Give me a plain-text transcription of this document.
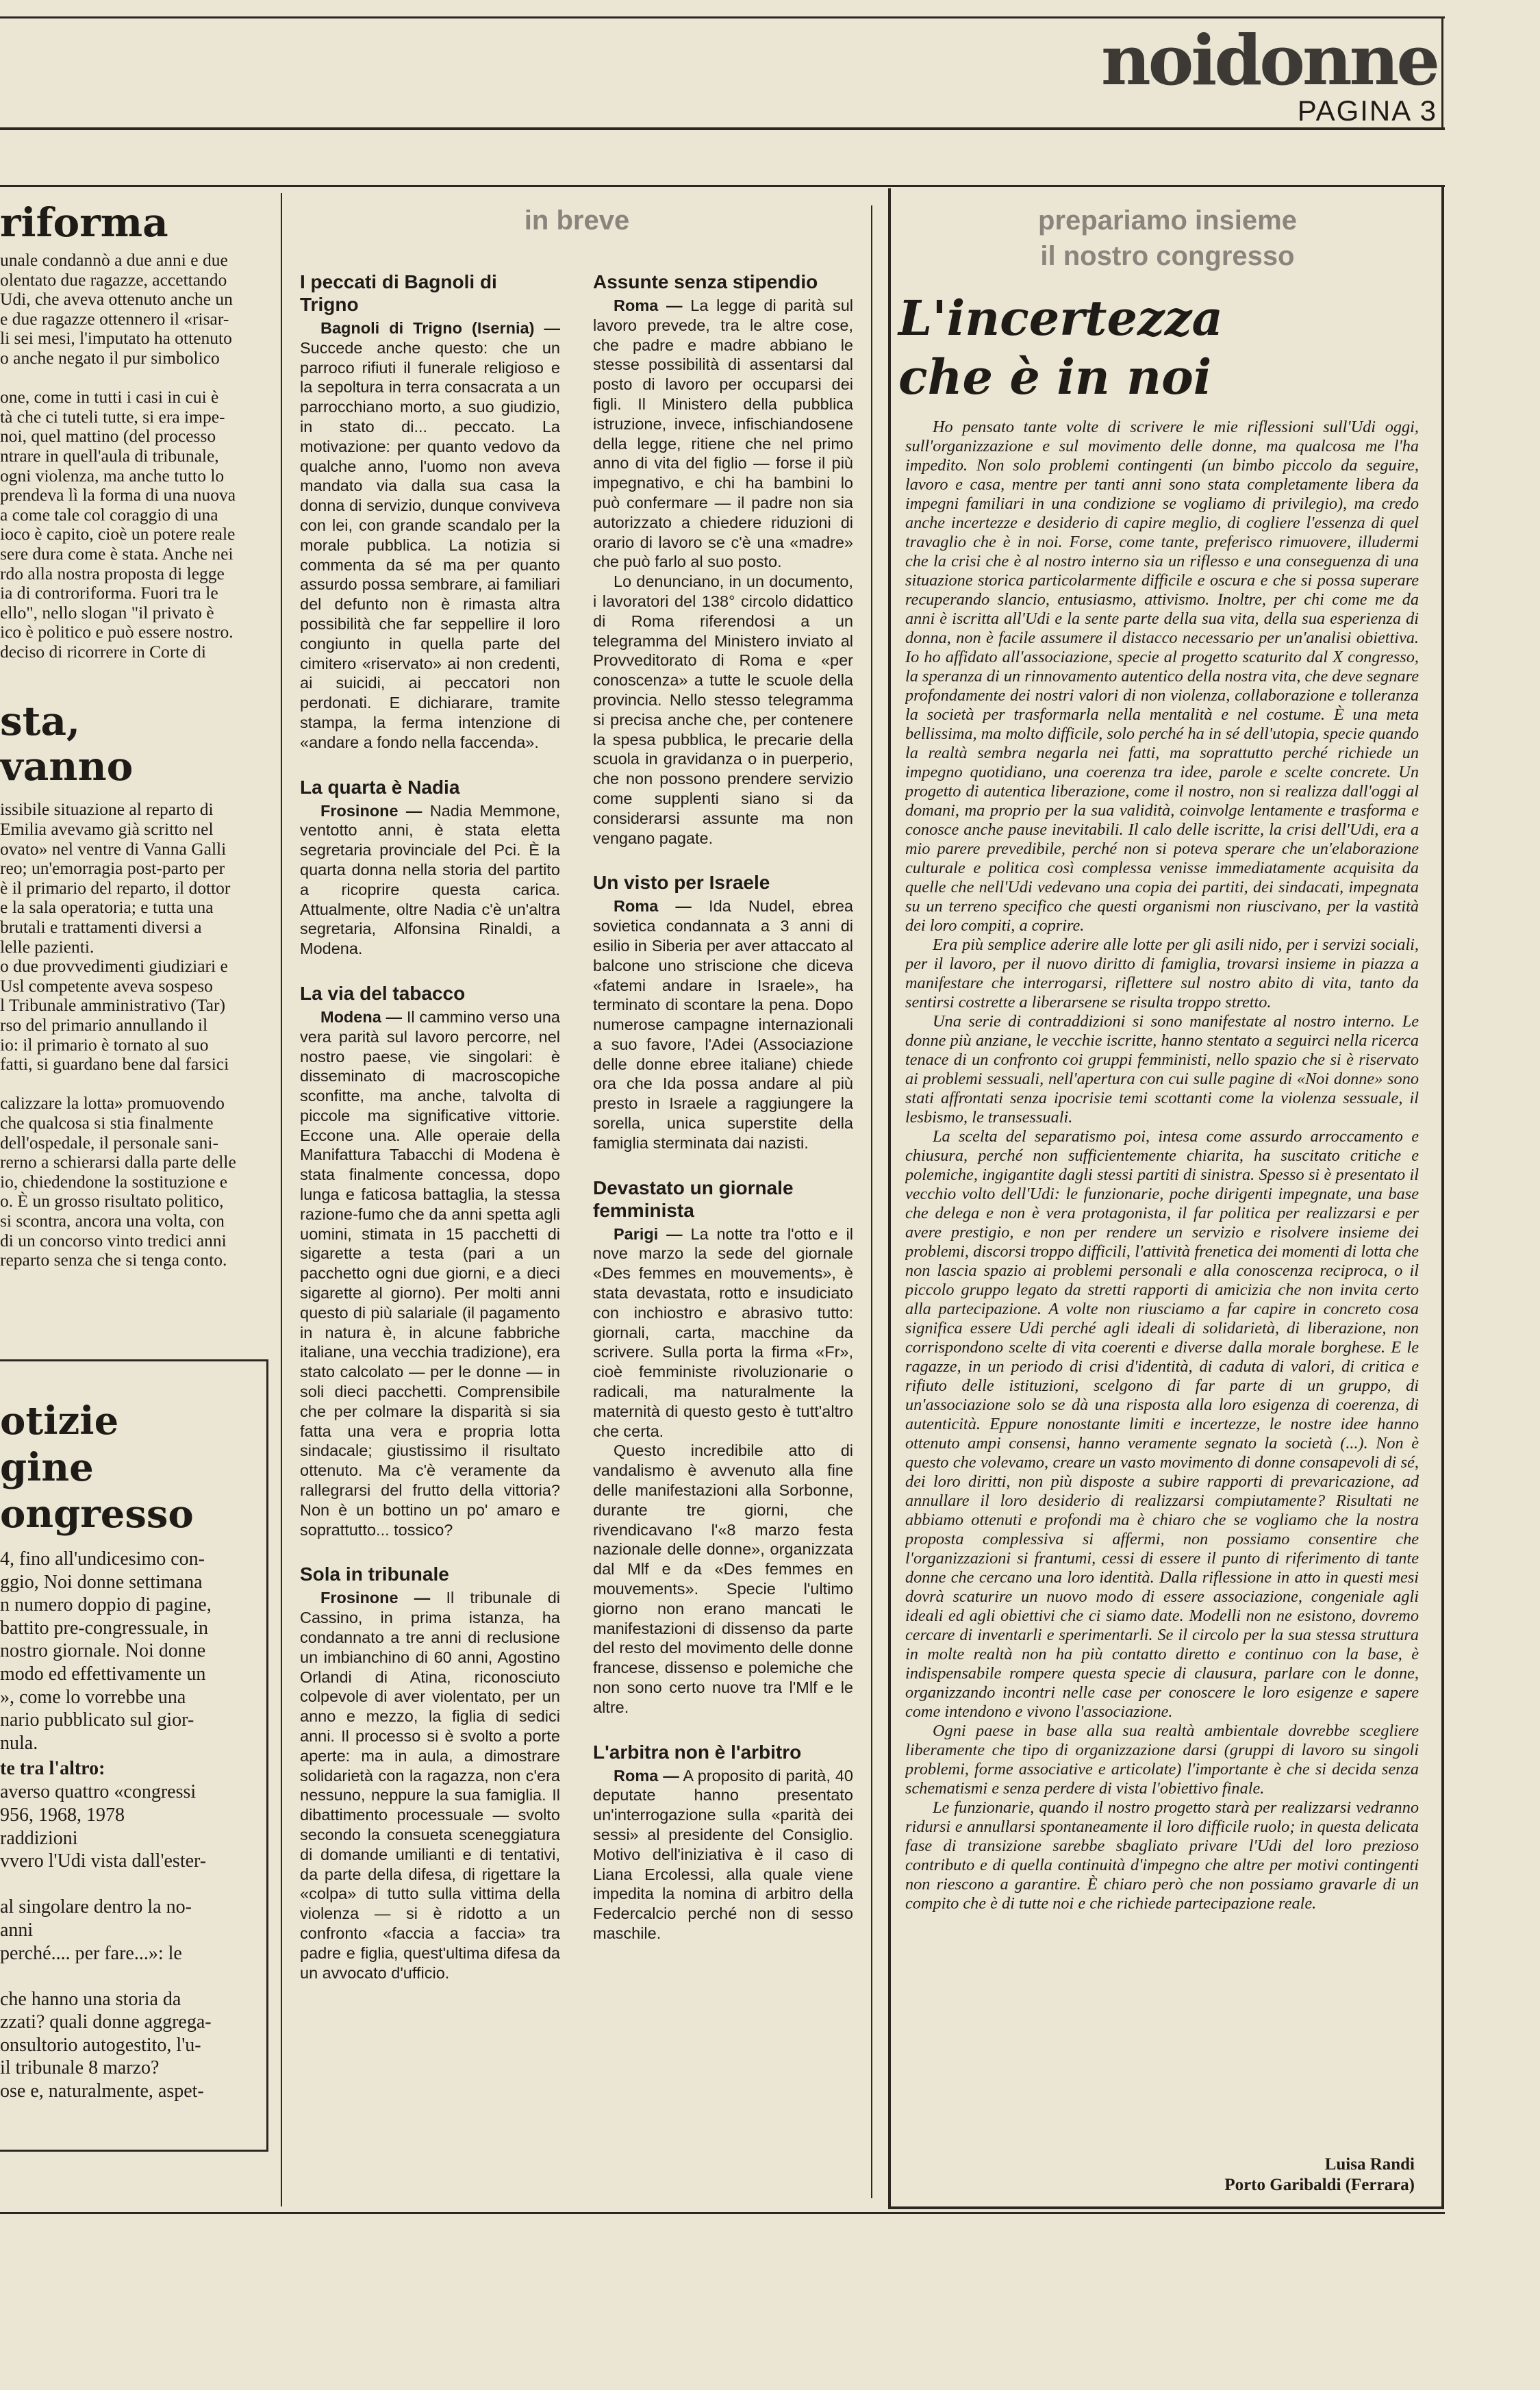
noidonne
PAGINA 3
riforma

unale condannò a due anni e due

olentato due ragazze, accettando

Udi, che aveva ottenuto anche un

e due ragazze ottennero il «risar-

li sei mesi, l'imputato ha ottenuto

o anche negato il pur simbolico

one, come in tutti i casi in cui è

tà che ci tuteli tutte, si era impe-

noi, quel mattino (del processo

ntrare in quell'aula di tribunale,

ogni violenza, ma anche tutto lo

prendeva lì la forma di una nuova

a come tale col coraggio di una

ioco è capito, cioè un potere reale

sere dura come è stata. Anche nei

rdo alla nostra proposta di legge

ia di controriforma. Fuori tra le

ello", nello slogan "il privato è

ico è politico e può essere nostro.

deciso di ricorrere in Corte di

sta,
vanno

issibile situazione al reparto di

Emilia avevamo già scritto nel

ovato» nel ventre di Vanna Galli

reo; un'emorragia post-parto per

è il primario del reparto, il dottor

e la sala operatoria; e tutta una

brutali e trattamenti diversi a

lelle pazienti.

o due provvedimenti giudiziari e

Usl competente aveva sospeso

l Tribunale amministrativo (Tar)

rso del primario annullando il

io: il primario è tornato al suo

fatti, si guardano bene dal farsici

calizzare la lotta» promuovendo

che qualcosa si stia finalmente

dell'ospedale, il personale sani-

rerno a schierarsi dalla parte delle

io, chiedendone la sostituzione e

o. È un grosso risultato politico,

si scontra, ancora una volta, con

di un concorso vinto tredici anni

reparto senza che si tenga conto.

otizie
gine
ongresso

4, fino all'undicesimo con-

ggio, Noi donne settimana

n numero doppio di pagine,

battito pre-congressuale, in

nostro giornale. Noi donne

modo ed effettivamente un

», come lo vorrebbe una

nario pubblicato sul gior-

nula.

te tra l'altro:

averso quattro «congressi

956, 1968, 1978

raddizioni

vvero l'Udi vista dall'ester-

al singolare dentro la no-

anni

perché.... per fare...»: le

che hanno una storia da

zzati? quali donne aggrega-

onsultorio autogestito, l'u-

il tribunale 8 marzo?

ose e, naturalmente, aspet-

in breve
I peccati di Bagnoli di Trigno

Bagnoli di Trigno (Isernia) — Succede anche questo: che un parroco rifiuti il funerale religioso e la sepoltura in terra consacrata a un parrocchiano morto, a suo giudizio, in stato di... peccato. La motivazione: per quanto vedovo da qualche anno, l'uomo non aveva mandato via dalla sua casa la donna di servizio, dunque conviveva con lei, con grande scandalo per la morale pubblica. La notizia si commenta da sé ma per quanto assurdo possa sembrare, ai familiari del defunto non è rimasta altra possibilità che far seppellire il loro congiunto in quella parte del cimitero «riservato» ai non credenti, ai suicidi, ai peccatori non perdonati. E dichiarare, tramite stampa, la ferma intenzione di «andare a fondo nella faccenda».

La quarta è Nadia

Frosinone — Nadia Memmone, ventotto anni, è stata eletta segretaria provinciale del Pci. È la quarta donna nella storia del partito a ricoprire questa carica. Attualmente, oltre Nadia c'è un'altra segretaria, Alfonsina Rinaldi, a Modena.

La via del tabacco

Modena — Il cammino verso una vera parità sul lavoro percorre, nel nostro paese, vie singolari: è disseminato di macroscopiche sconfitte, ma anche, talvolta di piccole ma significative vittorie. Eccone una. Alle operaie della Manifattura Tabacchi di Modena è stata finalmente concessa, dopo lunga e faticosa battaglia, la stessa razione-fumo che da anni spetta agli uomini, stimata in 15 pacchetti di sigarette a testa (pari a un pacchetto ogni due giorni, e a dieci sigarette al giorno). Per molti anni questo di più salariale (il pagamento in natura è, in alcune fabbriche italiane, una vecchia tradizione), era stato calcolato — per le donne — in soli dieci pacchetti. Comprensibile che per colmare la disparità si sia fatta una vera e propria lotta sindacale; giustissimo il risultato ottenuto. Ma c'è veramente da rallegrarsi del frutto della vittoria? Non è un bottino un po' amaro e soprattutto... tossico?

Sola in tribunale

Frosinone — Il tribunale di Cassino, in prima istanza, ha condannato a tre anni di reclusione un imbianchino di 60 anni, Agostino Orlandi di Atina, riconosciuto colpevole di aver violentato, per un anno e mezzo, la figlia di sedici anni. Il processo si è svolto a porte aperte: ma in aula, a dimostrare solidarietà con la ragazza, non c'era nessuno, neppure la sua famiglia. Il dibattimento processuale — svolto secondo la consueta sceneggiatura di domande umilianti e di tentativi, da parte della difesa, di rigettare la «colpa» di tutto sulla vittima della violenza — si è ridotto a un confronto «faccia a faccia» tra padre e figlia, quest'ultima difesa da un avvocato d'ufficio.

Assunte senza stipendio

Roma — La legge di parità sul lavoro prevede, tra le altre cose, che padre e madre abbiano le stesse possibilità di assentarsi dal posto di lavoro per occuparsi dei figli. Il Ministero della pubblica istruzione, invece, infischiandosene della legge, ritiene che nel primo anno di vita del figlio — forse il più impegnativo, e chi ha bambini lo può confermare — il padre non sia autorizzato a chiedere riduzioni di orario di lavoro se c'è una «madre» che può farlo al suo posto.

Lo denunciano, in un documento, i lavoratori del 138° circolo didattico di Roma riferendosi a un telegramma del Ministero inviato al Provveditorato di Roma e «per conoscenza» a tutte le scuole della provincia. Nello stesso telegramma si precisa anche che, per contenere la spesa pubblica, le precarie della scuola in gravidanza o in puerperio, che non possono prendere servizio come supplenti siano si da considerarsi assunte ma non vengano pagate.

Un visto per Israele

Roma — Ida Nudel, ebrea sovietica condannata a 3 anni di esilio in Siberia per aver attaccato al balcone uno striscione che diceva «fatemi andare in Israele», ha terminato di scontare la pena. Dopo numerose campagne internazionali a suo favore, l'Adei (Associazione delle donne ebree italiane) chiede ora che Ida possa andare al più presto in Israele a raggiungere la sorella, unica superstite della famiglia sterminata dai nazisti.

Devastato un giornale femminista

Parigi — La notte tra l'otto e il nove marzo la sede del giornale «Des femmes en mouvements», è stata devastata, rotto e insudiciato con inchiostro e abrasivo tutto: giornali, carta, macchine da scrivere. Sulla porta la firma «Fr», cioè femministe rivoluzionarie o radicali, ma naturalmente la maternità di questo gesto è tutt'altro che certa.

Questo incredibile atto di vandalismo è avvenuto alla fine delle manifestazioni alla Sorbonne, durante tre giorni, che rivendicavano l'«8 marzo festa nazionale delle donne», organizzata dal Mlf e da «Des femmes en mouvements». Specie l'ultimo giorno non erano mancati le manifestazioni di dissenso da parte del resto del movimento delle donne francese, dissenso e polemiche che non sono certo nuove tra l'Mlf e le altre.

L'arbitra non è l'arbitro

Roma — A proposito di parità, 40 deputate hanno presentato un'interrogazione sulla «parità dei sessi» al presidente del Consiglio. Motivo dell'iniziativa è il caso di Liana Ercolessi, alla quale viene impedita la nomina di arbitro della Federcalcio perché non di sesso maschile.

prepariamo insieme
il nostro congresso
L'incertezza
che è in noi

Ho pensato tante volte di scrivere le mie riflessioni sull'Udi oggi, sull'organizzazione e sul movimento delle donne, ma qualcosa me l'ha impedito. Non solo problemi contingenti (un bimbo piccolo da seguire, lavoro e casa, mentre per tanti anni sono stata completamente libera da impegni familiari in una condizione se vogliamo di privilegio), ma credo anche incertezze e desiderio di capire meglio, di cogliere l'essenza di quel travaglio che è in noi. Forse, come tante, preferisco rimuovere, illudermi che la crisi che è al nostro interno sia un riflesso e una conseguenza di una situazione storica particolarmente difficile e oscura e che si possa superare recuperando slancio, entusiasmo, attivismo. Inoltre, per chi come me da anni è iscritta all'Udi e la sente parte della sua vita, della sua esperienza di donna, non è facile assumere il distacco necessario per un'analisi obiettiva. Io ho affidato all'associazione, specie al progetto scaturito dal X congresso, la speranza di un rinnovamento autentico della nostra vita, che deve segnare profondamente dei nostri valori di non violenza, collaborazione e tolleranza la società per trasformarla nella mentalità e nel costume. È una meta bellissima, ma molto difficile, solo perché ha in sé dell'utopia, specie quando la realtà sembra negarla nei fatti, ma soprattutto perché richiede un impegno quotidiano, una coerenza tra idee, parole e scelte concrete. Un progetto di autentica liberazione, come il nostro, non si realizza dall'oggi al domani, ma proprio per la sua validità, coinvolge lentamente e trasforma e conosce anche pause inevitabili. Il calo delle iscritte, la crisi dell'Udi, era a mio parere prevedibile, perché non si poteva sperare che un'elaborazione culturale e politica così complessa venisse immediatamente acquisita da quelle che nell'Udi vedevano una copia dei partiti, dei sindacati, impegnata su un terreno specifico che questi organismi non riuscivano, per la vastità dei loro compiti, a coprire.

Era più semplice aderire alle lotte per gli asili nido, per i servizi sociali, per il lavoro, per il nuovo diritto di famiglia, trovarsi insieme in piazza a manifestare che interrogarsi, riflettere sul nostro abito di vita, tanto da sentirsi costrette a liberarsene se risulta troppo stretto.

Una serie di contraddizioni si sono manifestate al nostro interno. Le donne più anziane, le vecchie iscritte, hanno stentato a seguirci nella ricerca tenace di un confronto coi gruppi femministi, nello spazio che si è riservato ai problemi sessuali, nell'apertura con cui sulle pagine di «Noi donne» sono stati affrontati senza ipocrisie temi scottanti come la violenza sessuale, il lesbismo, le transessuali.

La scelta del separatismo poi, intesa come assurdo arroccamento e chiusura, perché non sufficientemente chiarita, ha suscitato critiche e polemiche, ingigantite dagli stessi partiti di sinistra. Spesso si è presentato il vecchio volto dell'Udi: le funzionarie, poche dirigenti impegnate, una base che delega e non è vera protagonista, il far politica per realizzarsi e per avere prestigio, e non per rendere un servizio e risolvere insieme dei problemi, discorsi troppo difficili, l'attività frenetica dei momenti di lotta che non lascia spazio ai problemi personali e alla conoscenza reciproca, o il piccolo gruppo legato da stretti rapporti di amicizia che non invita certo alla partecipazione. A volte non riusciamo a far capire in concreto cosa significa essere Udi perché agli ideali di solidarietà, di liberazione, non corrispondono scelte di vita coerenti e diverse dalla morale borghese. E le ragazze, in un periodo di crisi d'identità, di caduta di valori, di critica e rifiuto delle istituzioni, scelgono di far parte di un gruppo, di un'associazione solo se dà una risposta alla loro esigenza di coerenza, di autenticità. Eppure nonostante limiti e incertezze, le nostre idee hanno ottenuto ampi consensi, hanno veramente segnato la società (...). Non è questo che volevamo, creare un vasto movimento di donne consapevoli di sé, dei loro diritti, non più disposte a subire rapporti di prevaricazione, ad annullare il loro desiderio di realizzarsi compiutamente? Risultati ne abbiamo ottenuti e profondi ma è chiaro che se vogliamo che la nostra proposta complessiva si affermi, non possiamo consentire che l'organizzazioni si frantumi, cessi di essere il punto di riferimento di tante donne che cercano una loro identità. Dalla riflessione in atto in questi mesi dovrà scaturire un nuovo modo di essere associazione, congeniale agli ideali ed agli obiettivi che ci siamo date. Modelli non ne esistono, dovremo cercare di inventarli e sperimentarli. Se il circolo per la sua stessa struttura in molte realtà non ha più contatto diretto e continuo con la base, è indispensabile rompere questa specie di clausura, parlare con le donne, organizzando incontri nelle case per conoscere le loro esigenze e sapere come intendono e vivono l'associazione.

Ogni paese in base alla sua realtà ambientale dovrebbe scegliere liberamente che tipo di organizzazione darsi (gruppi di lavoro su singoli problemi, forme associative e articolate) l'importante è che si decida senza schematismi e senza perdere di vista l'obiettivo finale.

Le funzionarie, quando il nostro progetto starà per realizzarsi vedranno ridursi e annullarsi spontaneamente il loro difficile ruolo; in questa delicata fase di transizione sarebbe sbagliato privare l'Udi del loro prezioso contributo e di quella continuità d'impegno che altre per motivi contingenti non riescono a garantire. È chiaro però che non possiamo gravarle di un compito che è di tutte noi e che richiede partecipazione reale.

Luisa Randi
Porto Garibaldi (Ferrara)
